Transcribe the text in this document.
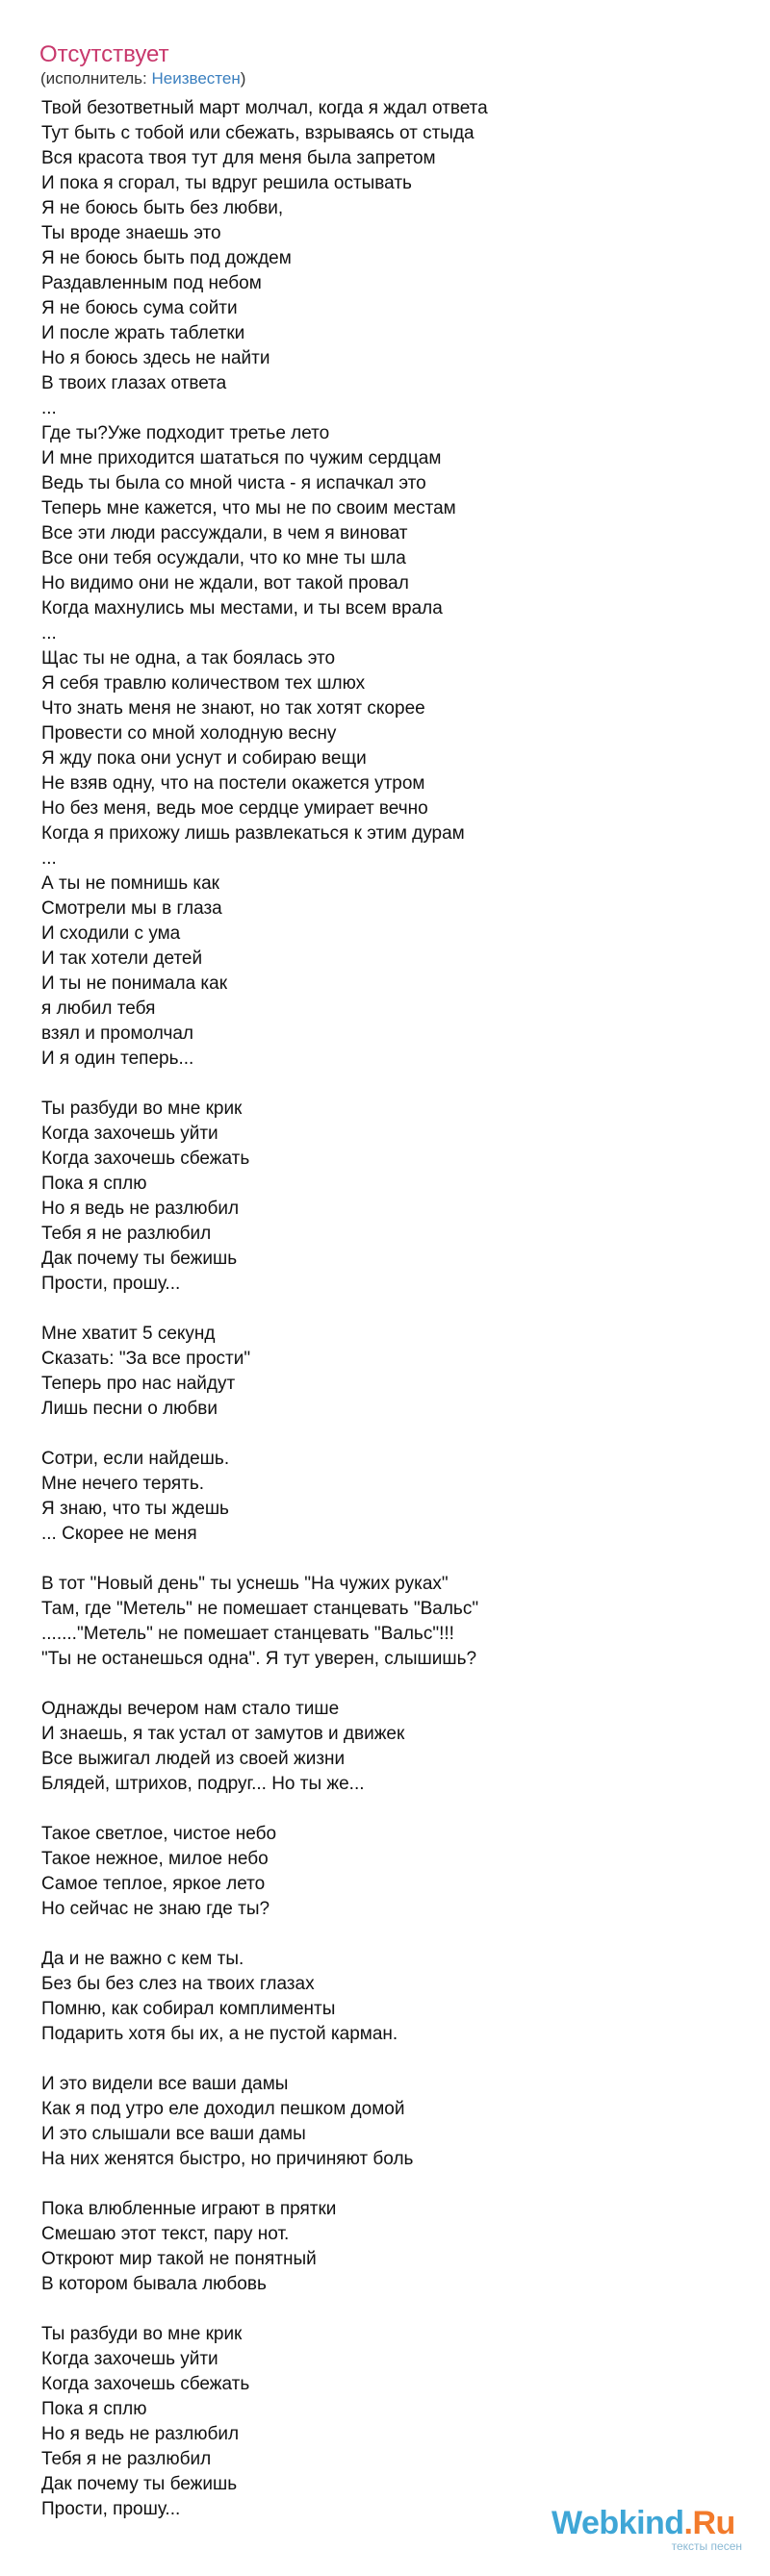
Отсутствует
(исполнитель: Неизвестен)
Твой безответный март молчал, когда я ждал ответа
Тут быть с тобой или сбежать, взрываясь от стыда
Вся красота твоя тут для меня была запретом
И пока я сгорал, ты вдруг решила остывать
Я не боюсь быть без любви,
Ты вроде знаешь это
Я не боюсь быть под дождем
Раздавленным под небом
Я не боюсь сума сойти
И после жрать таблетки
Но я боюсь здесь не найти
В твоих глазах ответа
...
Где ты?Уже подходит третье лето
И мне приходится шататься по чужим сердцам
Ведь ты была со мной чиста - я испачкал это
Теперь мне кажется, что мы не по своим местам
Все эти люди рассуждали, в чем я виноват
Все они тебя осуждали, что ко мне ты шла
Но видимо они не ждали, вот такой провал
Когда махнулись мы местами, и ты всем врала
...
Щас ты не одна, а так боялась это
Я себя травлю количеством тех шлюх
Что знать меня не знают, но так хотят скорее
Провести со мной холодную весну
Я жду пока они уснут и собираю вещи
Не взяв одну, что на постели окажется утром
Но без меня, ведь мое сердце умирает вечно
Когда я прихожу лишь развлекаться к этим дурам
...
А ты не помнишь как
Смотрели мы в глаза
И сходили с ума
И так хотели детей
И ты не понимала как
я любил тебя
взял и промолчал
И я один теперь...
Ты разбуди во мне крик
Когда захочешь уйти
Когда захочешь сбежать
Пока я сплю
Но я ведь не разлюбил
Тебя я не разлюбил
Дак почему ты бежишь
Прости, прошу...
Мне хватит 5 секунд
Сказать: "За все прости"
Теперь про нас найдут
Лишь песни о любви
Сотри, если найдешь.
Мне нечего терять.
Я знаю, что ты ждешь
... Скорее не меня
В тот "Новый день" ты уснешь "На чужих руках"
Там, где "Метель" не помешает станцевать "Вальс"
......."Метель" не помешает станцевать "Вальс"!!!
"Ты не останешься одна". Я тут уверен, слышишь?
Однажды вечером нам стало тише
И знаешь, я так устал от замутов и движек
Все выжигал людей из своей жизни
Блядей, штрихов, подруг... Но ты же...
Такое светлое, чистое небо
Такое нежное, милое небо
Самое теплое, яркое лето
Но сейчас не знаю где ты?
Да и не важно с кем ты.
Без бы без слез на твоих глазах
Помню, как собирал комплименты
Подарить хотя бы их, а не пустой карман.
И это видели все ваши дамы
Как я под утро еле доходил пешком домой
И это слышали все ваши дамы
На них женятся быстро, но причиняют боль
Пока влюбленные играют в прятки
Смешаю этот текст, пару нот.
Откроют мир такой не понятный
В котором бывала любовь
Ты разбуди во мне крик
Когда захочешь уйти
Когда захочешь сбежать
Пока я сплю
Но я ведь не разлюбил
Тебя я не разлюбил
Дак почему ты бежишь
Прости, прошу...	Webkind.Ru
тексты песен
